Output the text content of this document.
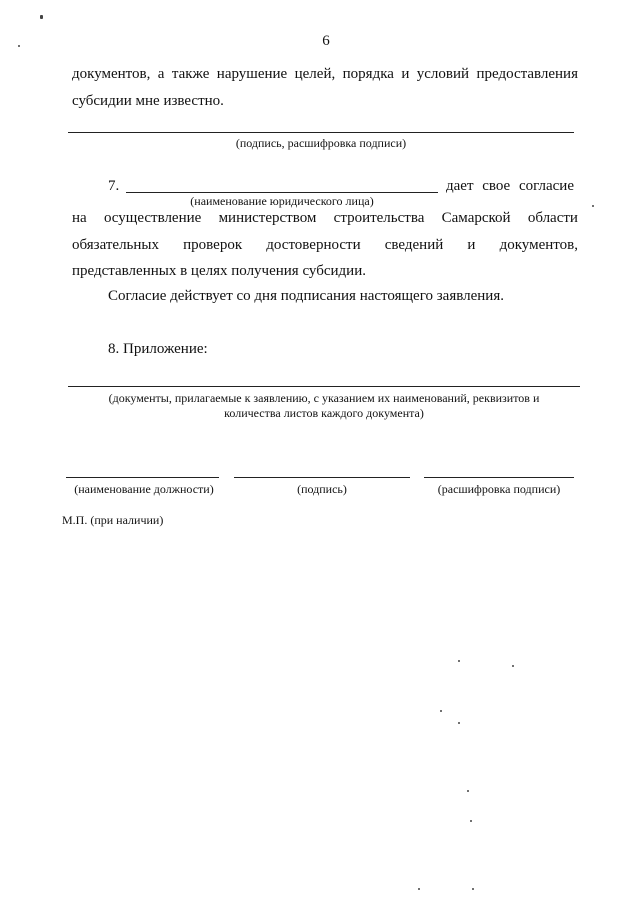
6
документов, а также нарушение целей, порядка и условий предоставления
субсидии мне известно.
(подпись, расшифровка подписи)
7.	дает свое согласие
(наименование юридического лица)
на осуществление министерством строительства Самарской области
обязательных проверок достоверности сведений и документов,
представленных в целях получения субсидии.
Согласие действует со дня подписания настоящего заявления.
8. Приложение:
(документы, прилагаемые к заявлению, с указанием их наименований, реквизитов и
количества листов каждого документа)
(наименование должности)	(подпись)	(расшифровка подписи)
М.П. (при наличии)
